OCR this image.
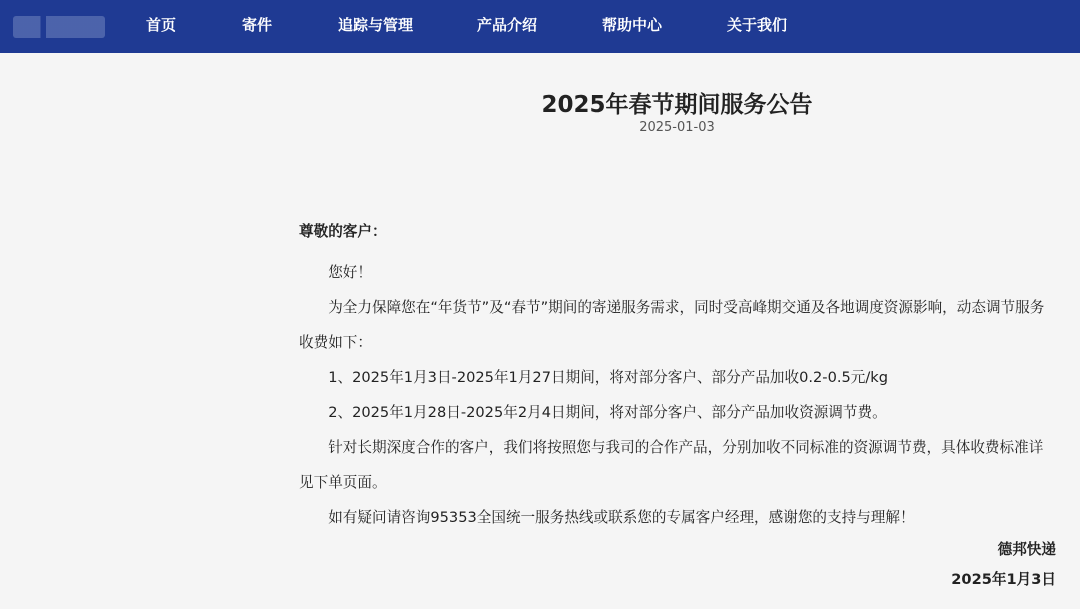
首页	寄件	追踪与管理	产品介绍	帮助中心	关于我们
2025年春节期间服务公告
2025-01-03

尊敬的客户：

您好！

为全力保障您在“年货节”及“春节”期间的寄递服务需求，同时受高峰期交通及各地调度资源影响，动态调节服务收费如下：

1、2025年1月3日-2025年1月27日期间，将对部分客户、部分产品加收0.2-0.5元/kg

2、2025年1月28日-2025年2月4日期间，将对部分客户、部分产品加收资源调节费。

针对长期深度合作的客户，我们将按照您与我司的合作产品，分别加收不同标准的资源调节费，具体收费标准详见下单页面。

如有疑问请咨询95353全国统一服务热线或联系您的专属客户经理，感谢您的支持与理解！

德邦快递
2025年1月3日
